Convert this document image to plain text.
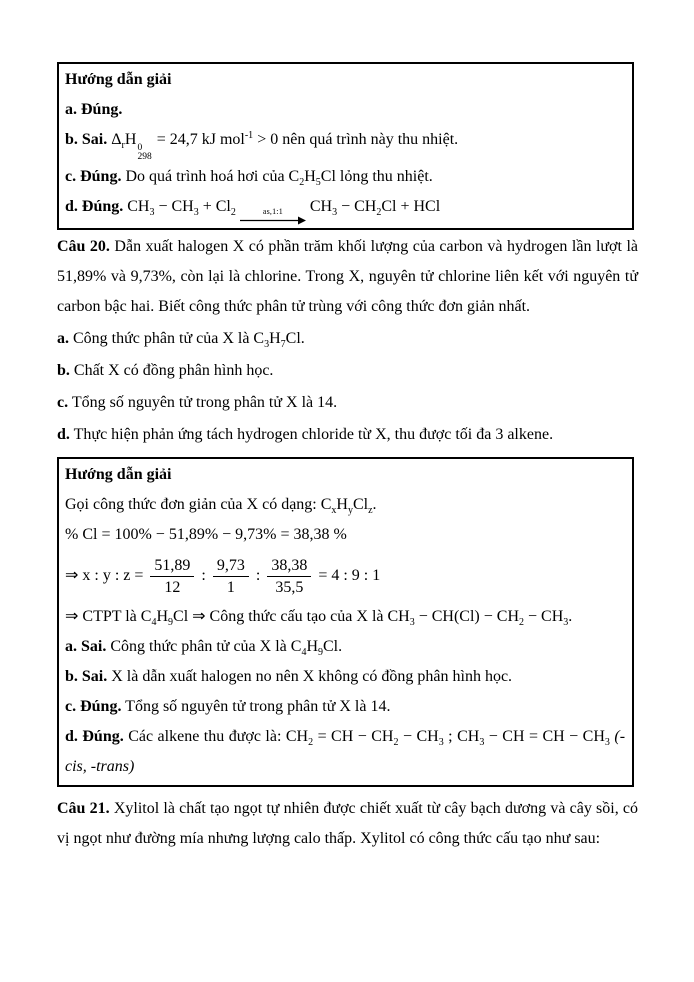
Hướng dẫn giải

a. Đúng.

b. Sai. $\Delta_rH$ 0
298
= 24,7 kJ mol$^{-1}$ > 0 nên quá trình này thu nhiệt.

c. Đúng. Do quá trình hoá hơi của $C_2H_5Cl$ lỏng thu nhiệt.

d. Đúng. $CH_3 - CH_3 + Cl_2$	as,1:1 $CH_3 - CH_2Cl$ + HCl

Câu 20. Dẫn xuất halogen X có phần trăm khối lượng của carbon và hydrogen lần lượt là 51,89% và 9,73%, còn lại là chlorine. Trong X, nguyên tử chlorine liên kết với nguyên tử carbon bậc hai. Biết công thức phân tử trùng với công thức đơn giản nhất.

a. Công thức phân tử của X là $C_3H_7Cl$.

b. Chất X có đồng phân hình học.

c. Tổng số nguyên tử trong phân tử X là 14.

d. Thực hiện phản ứng tách hydrogen chloride từ X, thu được tối đa 3 alkene.

Hướng dẫn giải

Gọi công thức đơn giản của X có dạng: $C_xH_yCl_z$.

% Cl = 100% − 51,89% − 9,73% = 38,38 %

⇒ x : y : $z = \frac{51,89}{12}$ : $\frac{9,73}{1}$ : $\frac{38,38}{35,5} = 4$ : 9 : 1

⇒ CTPT là $C_4H_9Cl$ ⇒ Công thức cấu tạo của X là $CH_3 - CH(Cl) - CH_2 - CH_3$.

a. Sai. Công thức phân tử của X là $C_4H_9Cl$.

b. Sai. X là dẫn xuất halogen no nên X không có đồng phân hình học.

c. Đúng. Tổng số nguyên tử trong phân tử X là 14.

d. Đúng. Các alkene thu được là: $CH_2$ = CH − $CH_2 - CH_3$ ; $CH_3$ − CH = CH − $CH_3$ (-cis, -trans)

Câu 21. Xylitol là chất tạo ngọt tự nhiên được chiết xuất từ cây bạch dương và cây sồi, có vị ngọt như đường mía nhưng lượng calo thấp. Xylitol có công thức cấu tạo như sau:
